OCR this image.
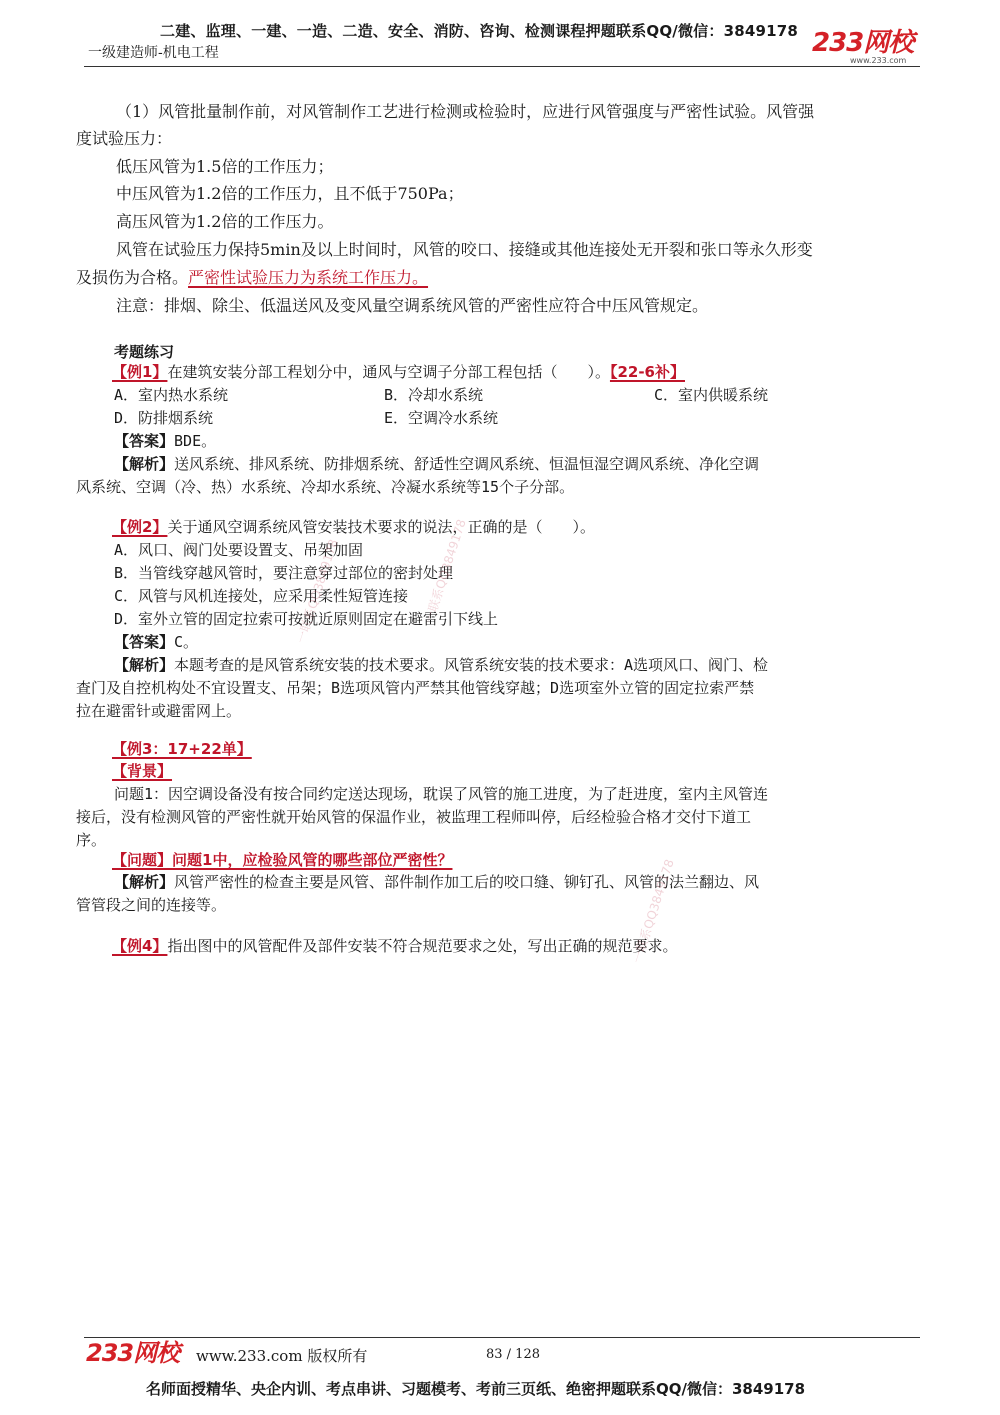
二建、监理、一建、一造、二造、安全、消防、咨询、检测课程押题联系QQ/微信：3849178
一级建造师-机电工程	233网校
www.233.com
（1）风管批量制作前，对风管制作工艺进行检测或检验时，应进行风管强度与严密性试验。风管强
度试验压力：
低压风管为1.5倍的工作压力；
中压风管为1.2倍的工作压力，且不低于750Pa；
高压风管为1.2倍的工作压力。
风管在试验压力保持5min及以上时间时，风管的咬口、接缝或其他连接处无开裂和张口等永久形变
及损伤为合格。严密性试验压力为系统工作压力。
注意：排烟、除尘、低温送风及变风量空调系统风管的严密性应符合中压风管规定。
考题练习
【例1】在建筑安装分部工程划分中，通风与空调子分部工程包括（　　）。【22-6补】
A．室内热水系统	B．冷却水系统	C．室内供暖系统
D．防排烟系统	E．空调冷水系统
【答案】BDE。
【解析】送风系统、排风系统、防排烟系统、舒适性空调风系统、恒温恒湿空调风系统、净化空调
风系统、空调（冷、热）水系统、冷却水系统、冷凝水系统等15个子分部。
【例2】关于通风空调系统风管安装技术要求的说法，正确的是（　　）。
A．风口、阀门处要设置支、吊架加固
B．当管线穿越风管时，要注意穿过部位的密封处理
C．风管与风机连接处，应采用柔性短管连接
D．室外立管的固定拉索可按就近原则固定在避雷引下线上
【答案】C。
【解析】本题考查的是风管系统安装的技术要求。风管系统安装的技术要求：A选项风口、阀门、检
查门及自控机构处不宜设置支、吊架；B选项风管内严禁其他管线穿越；D选项室外立管的固定拉索严禁
拉在避雷针或避雷网上。
【例3：17+22单】
【背景】
问题1：因空调设备没有按合同约定送达现场，耽误了风管的施工进度，为了赶进度，室内主风管连
接后，没有检测风管的严密性就开始风管的保温作业，被监理工程师叫停，后经检验合格才交付下道工
序。
【问题】问题1中，应检验风管的哪些部位严密性？
【解析】风管严密性的检查主要是风管、部件制作加工后的咬口缝、铆钉孔、风管的法兰翻边、风
管管段之间的连接等。
【例4】指出图中的风管配件及部件安装不符合规范要求之处，写出正确的规范要求。
一联系QQ3849178
一联系QQ3849178
一联系QQ3849178
233网校 www.233.com 版权所有	83 / 128
名师面授精华、央企内训、考点串讲、习题模考、考前三页纸、绝密押题联系QQ/微信：3849178
